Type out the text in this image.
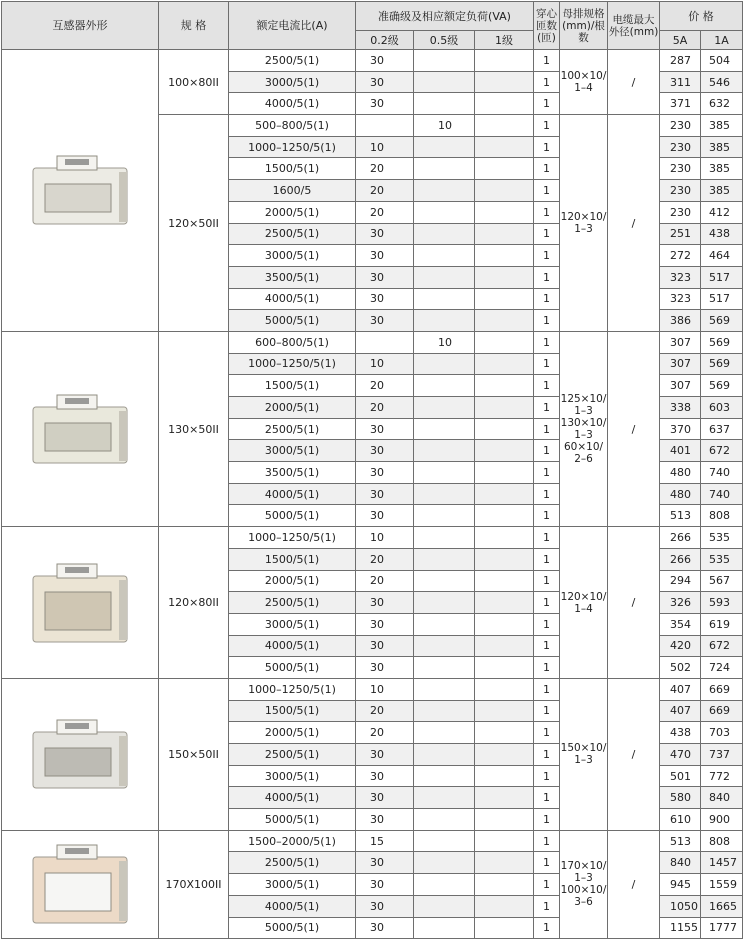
互感器外形	规 格	额定电流比(A)	准确级及相应额定负荷(VA)			穿心匝数(匝)	母排规格(mm)/根数	电缆最大外径(mm)	价 格	
			0.2级	0.5级	1级				5A	1A

	100×80II	2500/5(1)	30			1	100×10/ 1–4	/	287	504
		3000/5(1)	30			1			311	546
		4000/5(1)	30			1			371	632
	120×50II	500–800/5(1)		10		1	120×10/ 1–3	/	230	385
		1000–1250/5(1)	10			1			230	385
		1500/5(1)	20			1			230	385
		1600/5	20			1			230	385
		2000/5(1)	20			1			230	412
		2500/5(1)	30			1			251	438
		3000/5(1)	30			1			272	464
		3500/5(1)	30			1			323	517
		4000/5(1)	30			1			323	517
		5000/5(1)	30			1			386	569

	130×50II	600–800/5(1)		10		1	125×10/ 1–3 130×10/ 1–3 60×10/ 2–6	/	307	569
		1000–1250/5(1)	10			1			307	569
		1500/5(1)	20			1			307	569
		2000/5(1)	20			1			338	603
		2500/5(1)	30			1			370	637
		3000/5(1)	30			1			401	672
		3500/5(1)	30			1			480	740
		4000/5(1)	30			1			480	740
		5000/5(1)	30			1			513	808

	120×80II	1000–1250/5(1)	10			1	120×10/ 1–4	/	266	535
		1500/5(1)	20			1			266	535
		2000/5(1)	20			1			294	567
		2500/5(1)	30			1			326	593
		3000/5(1)	30			1			354	619
		4000/5(1)	30			1			420	672
		5000/5(1)	30			1			502	724

	150×50II	1000–1250/5(1)	10			1	150×10/ 1–3	/	407	669
		1500/5(1)	20			1			407	669
		2000/5(1)	20			1			438	703
		2500/5(1)	30			1			470	737
		3000/5(1)	30			1			501	772
		4000/5(1)	30			1			580	840
		5000/5(1)	30			1			610	900

	170X100II	1500–2000/5(1)	15			1	170×10/ 1–3 100×10/ 3–6	/	513	808
		2500/5(1)	30			1			840	1457
		3000/5(1)	30			1			945	1559
		4000/5(1)	30			1			1050	1665
		5000/5(1)	30			1			1155	1777
